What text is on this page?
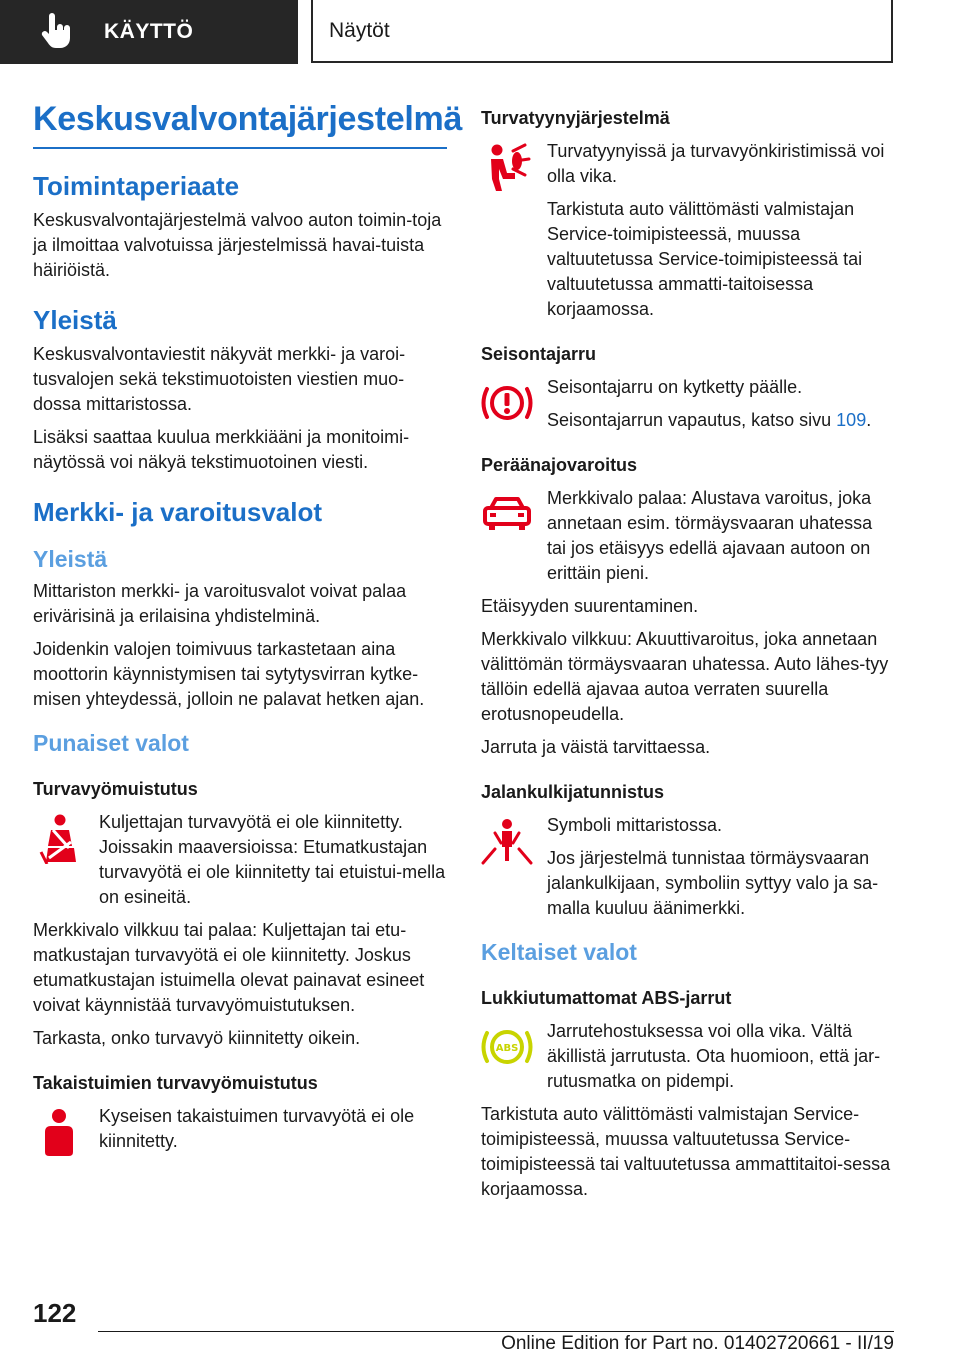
KÄYTTÖ	Näytöt
Keskusvalvontajärjestelmä
Toimintaperiaate

Keskusvalvontajärjestelmä valvoo auton toimin-toja ja ilmoittaa valvotuissa järjestelmissä havai-tuista häiriöistä.

Yleistä

Keskusvalvontaviestit näkyvät merkki- ja varoi-tusvalojen sekä tekstimuotoisten viestien muo-dossa mittaristossa.

Lisäksi saattaa kuulua merkkiääni ja monitoimi-näytössä voi näkyä tekstimuotoinen viesti.

Merkki- ja varoitusvalot
Yleistä

Mittariston merkki- ja varoitusvalot voivat palaa erivärisinä ja erilaisina yhdistelminä.

Joidenkin valojen toimivuus tarkastetaan aina moottorin käynnistymisen tai sytytysvirran kytke-misen yhteydessä, jolloin ne palavat hetken ajan.

Punaiset valot
Turvavyömuistutus

Kuljettajan turvavyötä ei ole kiinnitetty. Joissakin maaversioissa: Etumatkustajan turvavyötä ei ole kiinnitetty tai etuistui-mella on esineitä.

Merkkivalo vilkkuu tai palaa: Kuljettajan tai etu-matkustajan turvavyötä ei ole kiinnitetty. Joskus etumatkustajan istuimella olevat painavat esineet voivat käynnistää turvavyömuistutuksen.

Tarkasta, onko turvavyö kiinnitetty oikein.

Takaistuimien turvavyömuistutus

Kyseisen takaistuimen turvavyötä ei ole kiinnitetty.

Turvatyynyjärjestelmä

Turvatyynyissä ja turvavyönkiristimissä voi olla vika.

Tarkistuta auto välittömästi valmistajan Service-toimipisteessä, muussa valtuutetussa Service-toimipisteessä tai valtuutetussa ammatti-taitoisessa korjaamossa.

Seisontajarru

Seisontajarru on kytketty päälle.

Seisontajarrun vapautus, katso sivu 109.

Peräänajovaroitus

Merkkivalo palaa: Alustava varoitus, joka annetaan esim. törmäysvaaran uhatessa tai jos etäisyys edellä ajavaan autoon on erittäin pieni.

Etäisyyden suurentaminen.

Merkkivalo vilkkuu: Akuuttivaroitus, joka annetaan välittömän törmäysvaaran uhatessa. Auto lähes-tyy tällöin edellä ajavaa autoa verraten suurella erotusnopeudella.

Jarruta ja väistä tarvittaessa.

Jalankulkijatunnistus

Symboli mittaristossa.

Jos järjestelmä tunnistaa törmäysvaaran jalankulkijaan, symboliin syttyy valo ja sa-malla kuuluu äänimerkki.

Keltaiset valot
Lukkiutumattomat ABS-jarrut
ABS

Jarrutehostuksessa voi olla vika. Vältä äkillistä jarrutusta. Ota huomioon, että jar-rutusmatka on pidempi.

Tarkistuta auto välittömästi valmistajan Service-toimipisteessä, muussa valtuutetussa Service-toimipisteessä tai valtuutetussa ammattitaitoi-sessa korjaamossa.

122
Online Edition for Part no. 01402720661 - II/19
